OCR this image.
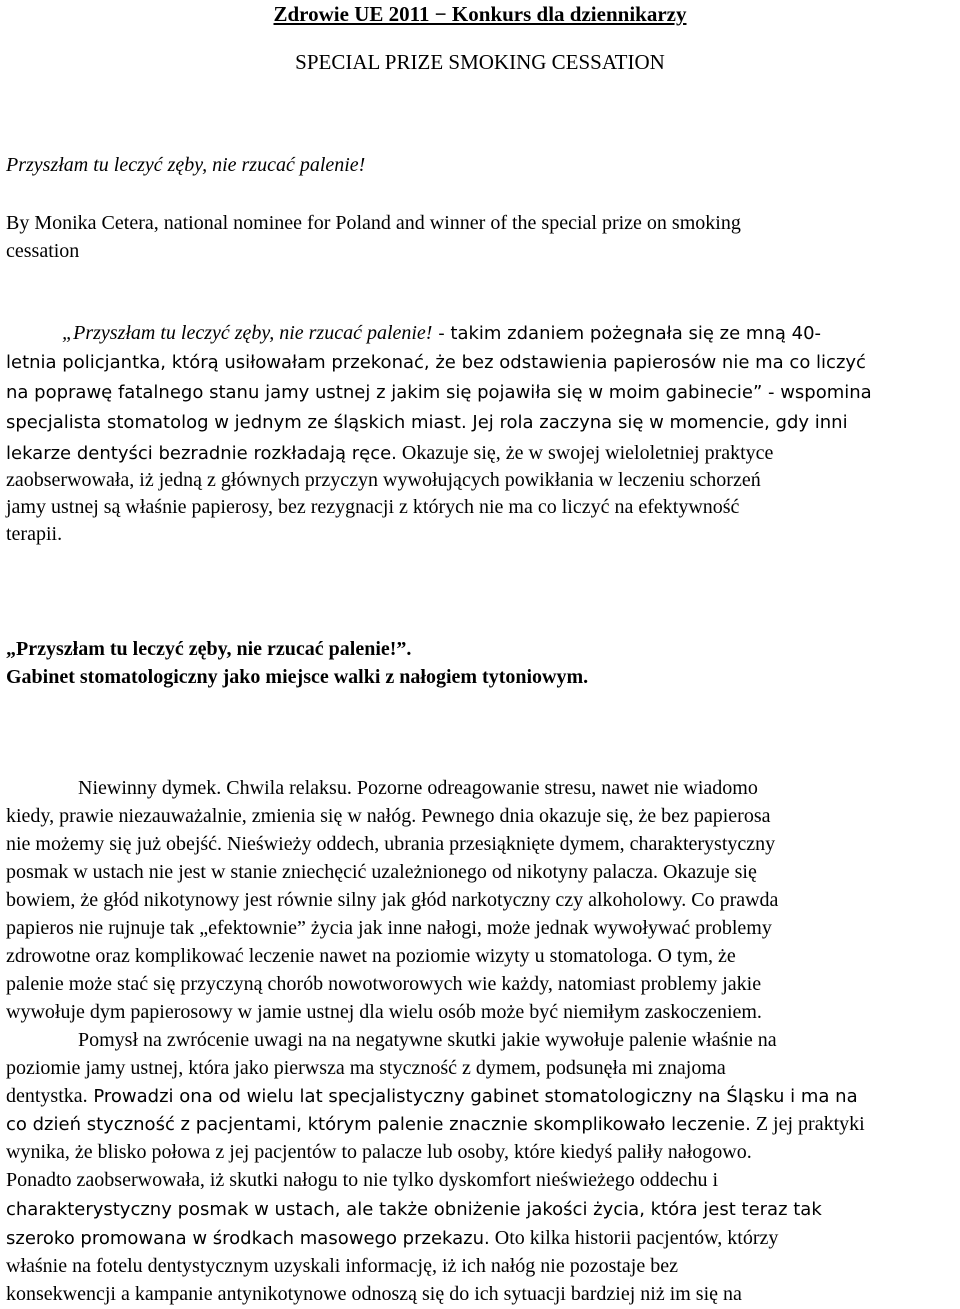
Zdrowie UE 2011 − Konkurs dla dziennikarzy
SPECIAL PRIZE SMOKING CESSATION

Przyszłam tu leczyć zęby, nie rzucać palenie!

By Monika Cetera, national nominee for Poland and winner of the special prize on smoking

cessation

„Przyszłam tu leczyć zęby, nie rzucać palenie! - takim zdaniem pożegnała się ze mną 40-

letnia policjantka, którą usiłowałam przekonać, że bez odstawienia papierosów nie ma co liczyć

na poprawę fatalnego stanu jamy ustnej z jakim się pojawiła się w moim gabinecie” - wspomina

specjalista stomatolog w jednym ze śląskich miast. Jej rola zaczyna się w momencie, gdy inni

lekarze dentyści bezradnie rozkładają ręce. Okazuje się, że w swojej wieloletniej praktyce

zaobserwowała, iż jedną z głównych przyczyn wywołujących powikłania w leczeniu schorzeń

jamy ustnej są właśnie papierosy, bez rezygnacji z których nie ma co liczyć na efektywność

terapii.

„Przyszłam tu leczyć zęby, nie rzucać palenie!”.

Gabinet stomatologiczny jako miejsce walki z nałogiem tytoniowym.

Niewinny dymek. Chwila relaksu. Pozorne odreagowanie stresu, nawet nie wiadomo

kiedy, prawie niezauważalnie, zmienia się w nałóg. Pewnego dnia okazuje się, że bez papierosa

nie możemy się już obejść. Nieświeży oddech, ubrania przesiąknięte dymem, charakterystyczny

posmak w ustach nie jest w stanie zniechęcić uzależnionego od nikotyny palacza. Okazuje się

bowiem, że głód nikotynowy jest równie silny jak głód narkotyczny czy alkoholowy. Co prawda

papieros nie rujnuje tak „efektownie” życia jak inne nałogi, może jednak wywoływać problemy

zdrowotne oraz komplikować leczenie nawet na poziomie wizyty u stomatologa. O tym, że

palenie może stać się przyczyną chorób nowotworowych wie każdy, natomiast problemy jakie

wywołuje dym papierosowy w jamie ustnej dla wielu osób może być niemiłym zaskoczeniem.

Pomysł na zwrócenie uwagi na na negatywne skutki jakie wywołuje palenie właśnie na

poziomie jamy ustnej, która jako pierwsza ma styczność z dymem, podsunęła mi znajoma

dentystka. Prowadzi ona od wielu lat specjalistyczny gabinet stomatologiczny na Śląsku i ma na

co dzień styczność z pacjentami, którym palenie znacznie skomplikowało leczenie. Z jej praktyki

wynika, że blisko połowa z jej pacjentów to palacze lub osoby, które kiedyś paliły nałogowo.

Ponadto zaobserwowała, iż skutki nałogu to nie tylko dyskomfort nieświeżego oddechu i

charakterystyczny posmak w ustach, ale także obniżenie jakości życia, która jest teraz tak

szeroko promowana w środkach masowego przekazu. Oto kilka historii pacjentów, którzy

właśnie na fotelu dentystycznym uzyskali informację, iż ich nałóg nie pozostaje bez

konsekwencji a kampanie antynikotynowe odnoszą się do ich sytuacji bardziej niż im się na
